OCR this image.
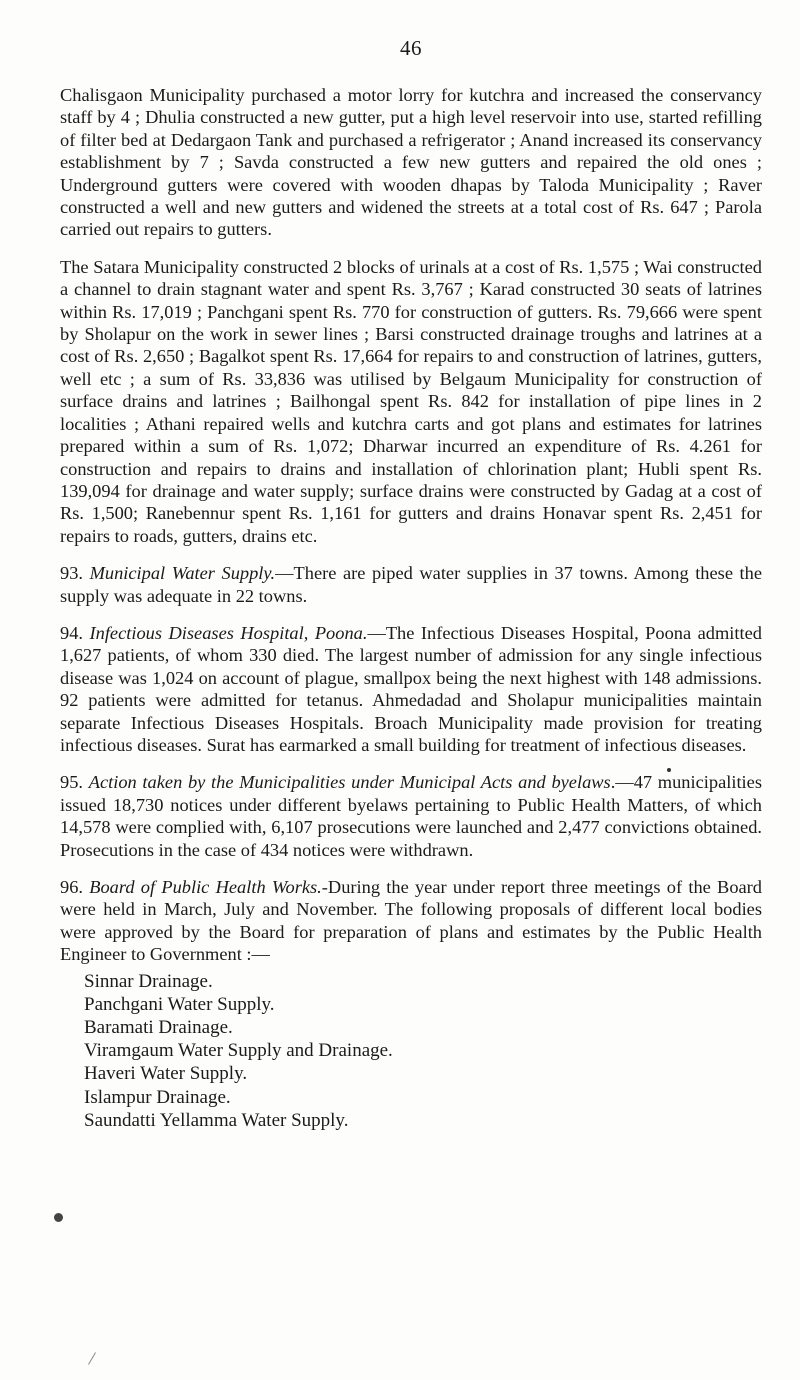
46

Chalisgaon Municipality purchased a motor lorry for kutchra and increased the conservancy staff by 4 ; Dhulia constructed a new gutter, put a high level reservoir into use, started refilling of filter bed at Dedargaon Tank and purchased a refrigerator ; Anand increased its conservancy establishment by 7 ; Savda constructed a few new gutters and repaired the old ones ; Underground gutters were covered with wooden dhapas by Taloda Municipality ; Raver constructed a well and new gutters and widened the streets at a total cost of Rs. 647 ; Parola carried out repairs to gutters.

The Satara Municipality constructed 2 blocks of urinals at a cost of Rs. 1,575 ; Wai constructed a channel to drain stagnant water and spent Rs. 3,767 ; Karad constructed 30 seats of latrines within Rs. 17,019 ; Panchgani spent Rs. 770 for construction of gutters. Rs. 79,666 were spent by Sholapur on the work in sewer lines ; Barsi constructed drainage troughs and latrines at a cost of Rs. 2,650 ; Bagalkot spent Rs. 17,664 for repairs to and construction of latrines, gutters, well etc ; a sum of Rs. 33,836 was utilised by Belgaum Municipality for construction of surface drains and latrines ; Bailhongal spent Rs. 842 for installation of pipe lines in 2 localities ; Athani repaired wells and kutchra carts and got plans and estimates for latrines prepared within a sum of Rs. 1,072; Dharwar incurred an expenditure of Rs. 4.261 for construction and repairs to drains and installation of chlorination plant; Hubli spent Rs. 139,094 for drainage and water supply; surface drains were constructed by Gadag at a cost of Rs. 1,500; Ranebennur spent Rs. 1,161 for gutters and drains Honavar spent Rs. 2,451 for repairs to roads, gutters, drains etc.

93. Municipal Water Supply.—There are piped water supplies in 37 towns. Among these the supply was adequate in 22 towns.

94. Infectious Diseases Hospital, Poona.—The Infectious Diseases Hospital, Poona admitted 1,627 patients, of whom 330 died. The largest number of admission for any single infectious disease was 1,024 on account of plague, smallpox being the next highest with 148 admissions. 92 patients were admitted for tetanus. Ahmedadad and Sholapur municipalities maintain separate Infectious Diseases Hospitals. Broach Municipality made provision for treating infectious diseases. Surat has earmarked a small building for treatment of infectious diseases.

95. Action taken by the Municipalities under Municipal Acts and byelaws.—47 municipalities issued 18,730 notices under different byelaws pertaining to Public Health Matters, of which 14,578 were complied with, 6,107 prosecutions were launched and 2,477 convictions obtained. Prosecutions in the case of 434 notices were withdrawn.

96. Board of Public Health Works.-During the year under report three meetings of the Board were held in March, July and November. The following proposals of different local bodies were approved by the Board for preparation of plans and estimates by the Public Health Engineer to Government :—

Sinnar Drainage.
Panchgani Water Supply.
Baramati Drainage.
Viramgaum Water Supply and Drainage.
Haveri Water Supply.
Islampur Drainage.
Saundatti Yellamma Water Supply.
